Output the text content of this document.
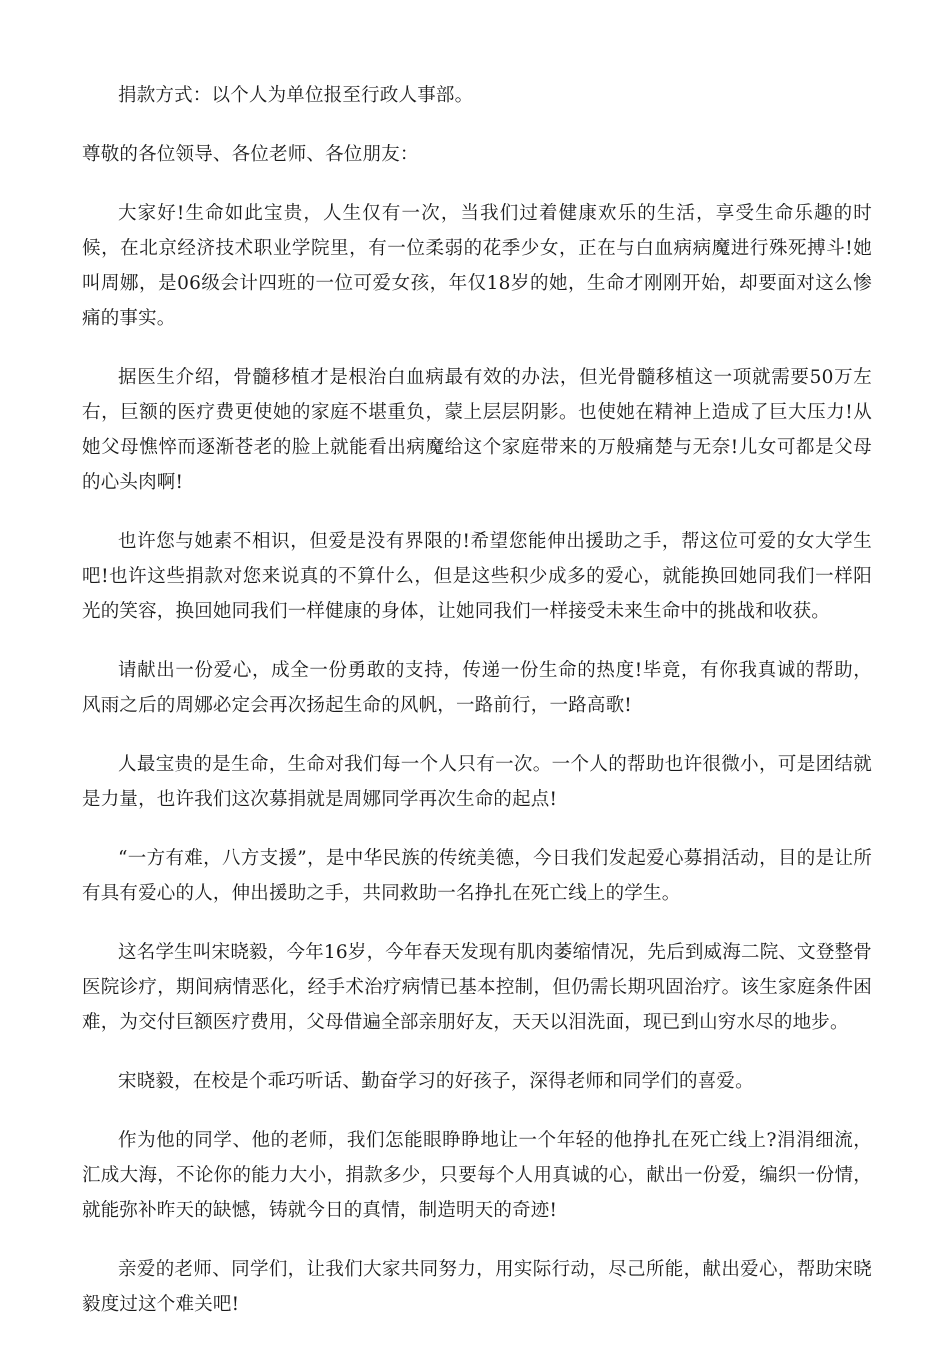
捐款方式：以个人为单位报至行政人事部。

尊敬的各位领导、各位老师、各位朋友：

大家好!生命如此宝贵，人生仅有一次，当我们过着健康欢乐的生活，享受生命乐趣的时候，在北京经济技术职业学院里，有一位柔弱的花季少女，正在与白血病病魔进行殊死搏斗!她叫周娜，是06级会计四班的一位可爱女孩，年仅18岁的她，生命才刚刚开始，却要面对这么惨痛的事实。

据医生介绍，骨髓移植才是根治白血病最有效的办法，但光骨髓移植这一项就需要50万左右，巨额的医疗费更使她的家庭不堪重负，蒙上层层阴影。也使她在精神上造成了巨大压力!从她父母憔悴而逐渐苍老的脸上就能看出病魔给这个家庭带来的万般痛楚与无奈!儿女可都是父母的心头肉啊!

也许您与她素不相识，但爱是没有界限的!希望您能伸出援助之手，帮这位可爱的女大学生吧!也许这些捐款对您来说真的不算什么，但是这些积少成多的爱心，就能换回她同我们一样阳光的笑容，换回她同我们一样健康的身体，让她同我们一样接受未来生命中的挑战和收获。

请献出一份爱心，成全一份勇敢的支持，传递一份生命的热度!毕竟，有你我真诚的帮助，风雨之后的周娜必定会再次扬起生命的风帆，一路前行，一路高歌!

人最宝贵的是生命，生命对我们每一个人只有一次。一个人的帮助也许很微小，可是团结就是力量，也许我们这次募捐就是周娜同学再次生命的起点!

“一方有难，八方支援”，是中华民族的传统美德，今日我们发起爱心募捐活动，目的是让所有具有爱心的人，伸出援助之手，共同救助一名挣扎在死亡线上的学生。

这名学生叫宋晓毅，今年16岁，今年春天发现有肌肉萎缩情况，先后到威海二院、文登整骨医院诊疗，期间病情恶化，经手术治疗病情已基本控制，但仍需长期巩固治疗。该生家庭条件困难，为交付巨额医疗费用，父母借遍全部亲朋好友，天天以泪洗面，现已到山穷水尽的地步。

宋晓毅，在校是个乖巧听话、勤奋学习的好孩子，深得老师和同学们的喜爱。

作为他的同学、他的老师，我们怎能眼睁睁地让一个年轻的他挣扎在死亡线上?涓涓细流，汇成大海，不论你的能力大小，捐款多少，只要每个人用真诚的心，献出一份爱，编织一份情，就能弥补昨天的缺憾，铸就今日的真情，制造明天的奇迹!

亲爱的老师、同学们，让我们大家共同努力，用实际行动，尽己所能，献出爱心，帮助宋晓毅度过这个难关吧!
